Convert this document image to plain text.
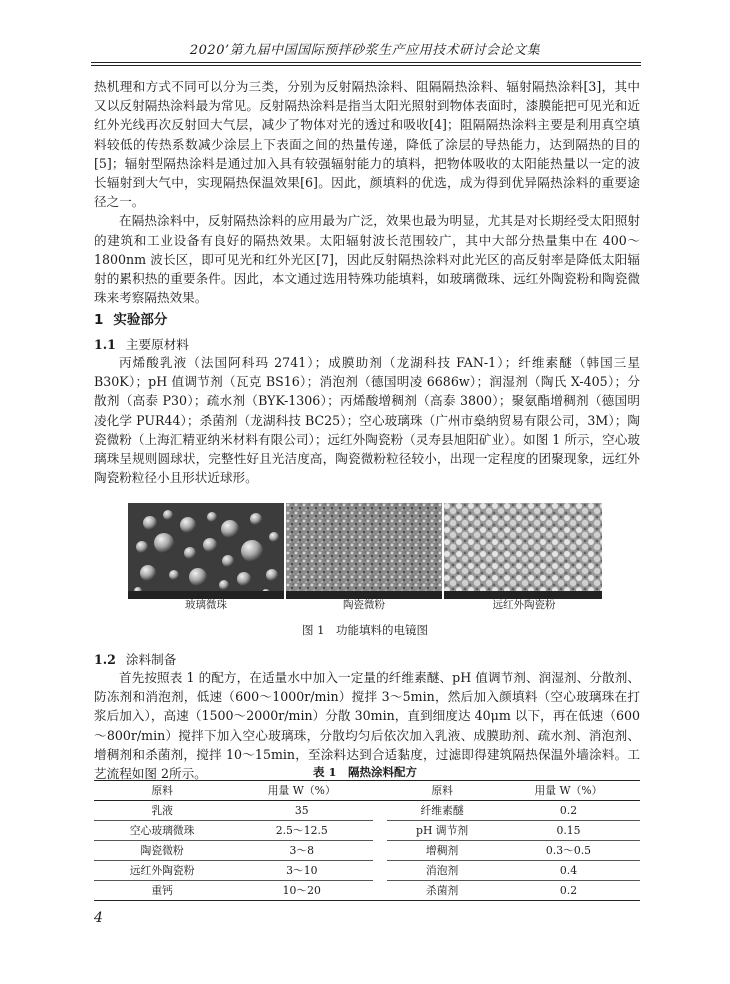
2020’第九届中国国际预拌砂浆生产应用技术研讨会论文集

热机理和方式不同可以分为三类，分别为反射隔热涂料、阻隔隔热涂料、辐射隔热涂料[3]，其中又以反射隔热涂料最为常见。反射隔热涂料是指当太阳光照射到物体表面时，漆膜能把可见光和近红外光线再次反射回大气层，减少了物体对光的透过和吸收[4]；阻隔隔热涂料主要是利用真空填料较低的传热系数减少涂层上下表面之间的热量传递，降低了涂层的导热能力，达到隔热的目的[5]；辐射型隔热涂料是通过加入具有较强辐射能力的填料，把物体吸收的太阳能热量以一定的波长辐射到大气中，实现隔热保温效果[6]。因此，颜填料的优选，成为得到优异隔热涂料的重要途径之一。

在隔热涂料中，反射隔热涂料的应用最为广泛，效果也最为明显，尤其是对长期经受太阳照射的建筑和工业设备有良好的隔热效果。太阳辐射波长范围较广，其中大部分热量集中在 400～1800nm 波长区，即可见光和红外光区[7]，因此反射隔热涂料对此光区的高反射率是降低太阳辐射的累积热的重要条件。因此，本文通过选用特殊功能填料，如玻璃微珠、远红外陶瓷粉和陶瓷微珠来考察隔热效果。

1 实验部分
1.1 主要原材料

丙烯酸乳液（法国阿科玛 2741）；成膜助剂（龙湖科技 FAN-1）；纤维素醚（韩国三星 B30K）；pH 值调节剂（瓦克 BS16）；消泡剂（德国明凌 6686w）；润湿剂（陶氏 X-405）；分散剂（高泰 P30）；疏水剂（BYK-1306）；丙烯酸增稠剂（高泰 3800）；聚氨酯增稠剂（德国明凌化学 PUR44）；杀菌剂（龙湖科技 BC25）；空心玻璃珠（广州市燊纳贸易有限公司，3M）；陶瓷微粉（上海汇精亚纳米材料有限公司）；远红外陶瓷粉（灵寿县旭阳矿业）。如图 1 所示，空心玻璃珠呈规则圆球状，完整性好且光洁度高，陶瓷微粉粒径较小，出现一定程度的团聚现象，远红外陶瓷粉粒径小且形状近球形。

玻璃微珠	陶瓷微粉	远红外陶瓷粉
图 1　功能填料的电镜图
1.2 涂料制备

首先按照表 1 的配方，在适量水中加入一定量的纤维素醚、pH 值调节剂、润湿剂、分散剂、防冻剂和消泡剂，低速（600～1000r/min）搅拌 3～5min，然后加入颜填料（空心玻璃珠在打浆后加入），高速（1500～2000r/min）分散 30min，直到细度达 40μm 以下，再在低速（600～800r/min）搅拌下加入空心玻璃珠，分散均匀后依次加入乳液、成膜助剂、疏水剂、消泡剂、增稠剂和杀菌剂，搅拌 10～15min，至涂料达到合适黏度，过滤即得建筑隔热保温外墙涂料。工艺流程如图 2所示。	表 1　隔热涂料配方
原料	用量 W（%）		原料	用量 W（%）
乳液	35		纤维素醚	0.2
空心玻璃微珠	2.5～12.5		pH 调节剂	0.15
陶瓷微粉	3～8		增稠剂	0.3～0.5
远红外陶瓷粉	3～10		消泡剂	0.4
重钙	10～20		杀菌剂	0.2
4
